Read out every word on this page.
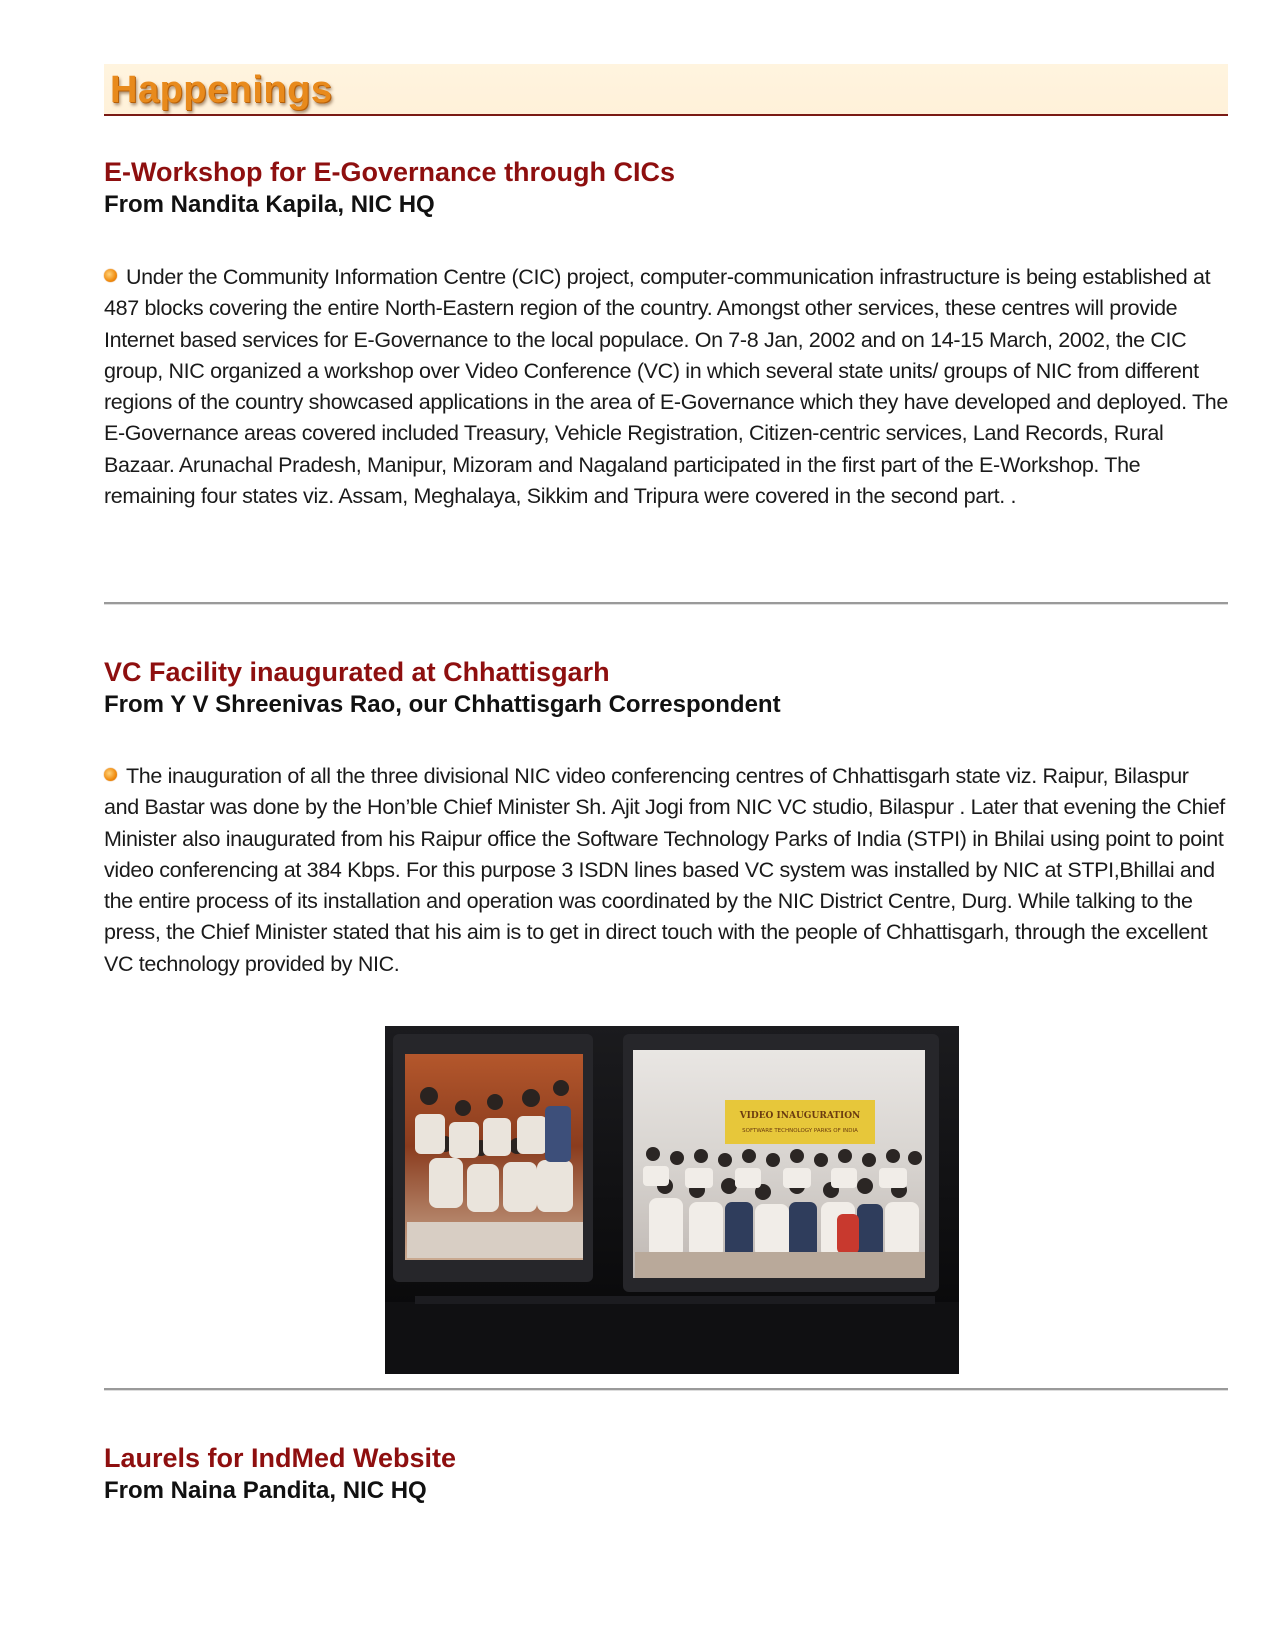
Happenings
E-Workshop for E-Governance through CICs
From Nandita Kapila, NIC HQ

Under the Community Information Centre (CIC) project, computer-communication infrastructure is being established at 487 blocks covering the entire North-Eastern region of the country. Amongst other services, these centres will provide Internet based services for E-Governance to the local populace. On 7-8 Jan, 2002 and on 14-15 March, 2002, the CIC group, NIC organized a workshop over Video Conference (VC) in which several state units/ groups of NIC from different regions of the country showcased applications in the area of E-Governance which they have developed and deployed. The E-Governance areas covered included Treasury, Vehicle Registration, Citizen-centric services, Land Records, Rural Bazaar. Arunachal Pradesh, Manipur, Mizoram and Nagaland participated in the first part of the E-Workshop. The remaining four states viz. Assam, Meghalaya, Sikkim and Tripura were covered in the second part. .

VC Facility inaugurated at Chhattisgarh
From Y V Shreenivas Rao, our Chhattisgarh Correspondent

The inauguration of all the three divisional NIC video conferencing centres of Chhattisgarh state viz. Raipur, Bilaspur and Bastar was done by the Hon’ble Chief Minister Sh. Ajit Jogi from NIC VC studio, Bilaspur . Later that evening the Chief Minister also inaugurated from his Raipur office the Software Technology Parks of India (STPI) in Bhilai using point to point video conferencing at 384 Kbps. For this purpose 3 ISDN lines based VC system was installed by NIC at STPI,Bhillai and the entire process of its installation and operation was coordinated by the NIC District Centre, Durg. While talking to the press, the Chief Minister stated that his aim is to get in direct touch with the people of Chhattisgarh, through the excellent VC technology provided by NIC.

VIDEO INAUGURATION
SOFTWARE TECHNOLOGY PARKS OF INDIA
Laurels for IndMed Website
From Naina Pandita, NIC HQ
